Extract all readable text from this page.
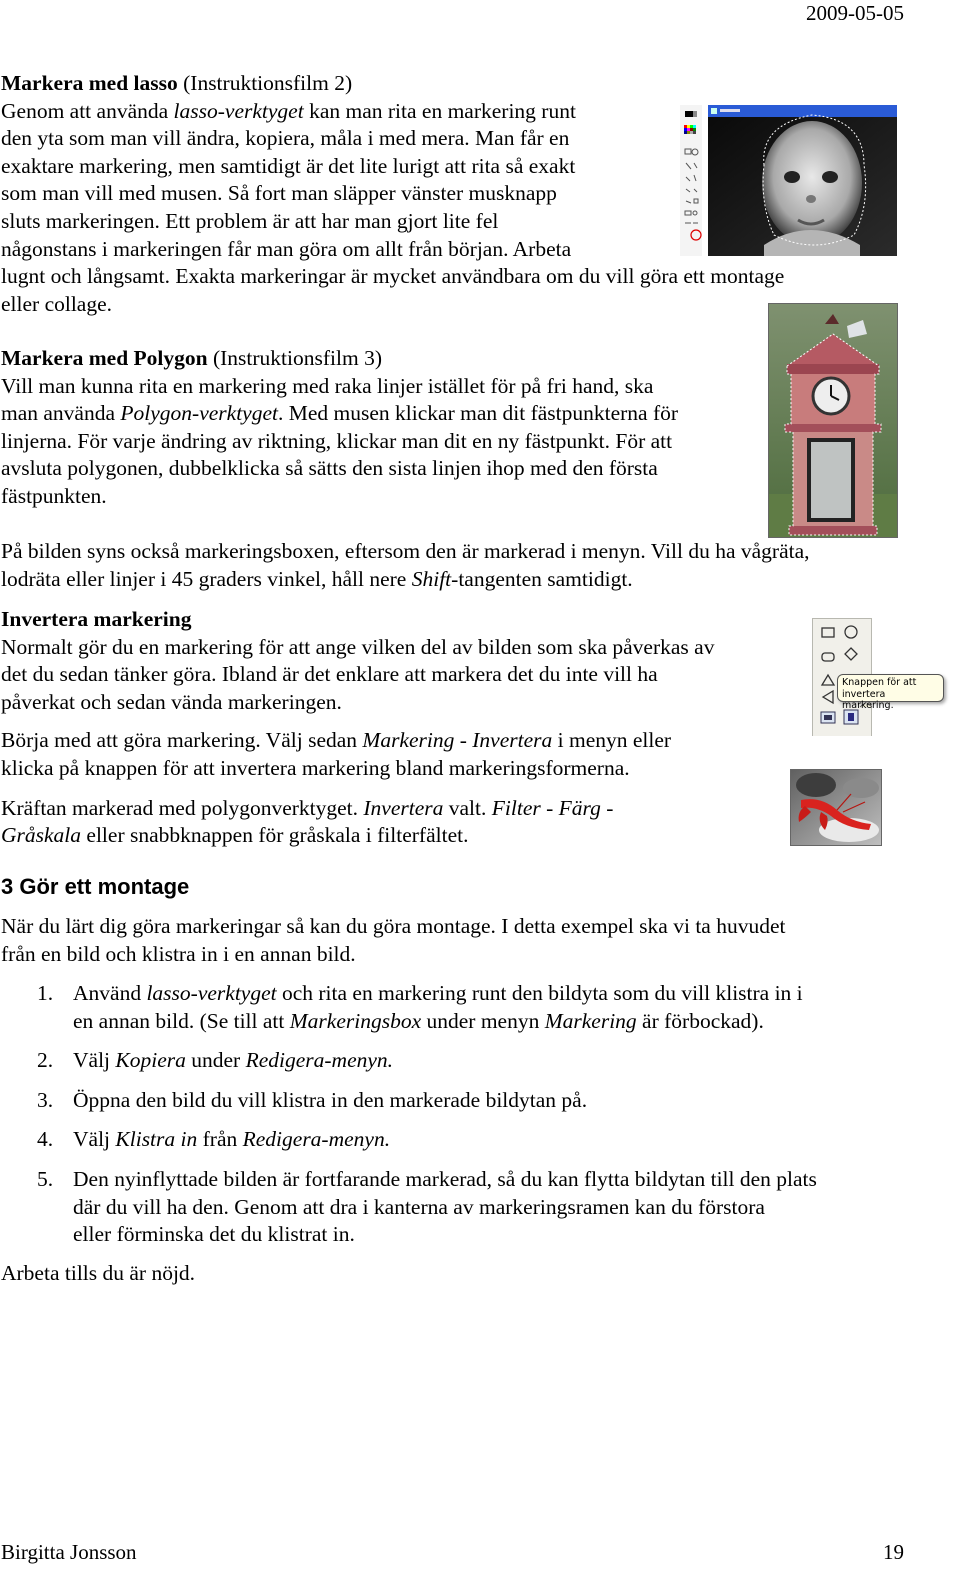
2009-05-05
Markera med lasso (Instruktionsfilm 2)
Genom att använda lasso-verktyget kan man rita en markering runt
den yta som man vill ändra, kopiera, måla i med mera. Man får en
exaktare markering, men samtidigt är det lite lurigt att rita så exakt
som man vill med musen. Så fort man släpper vänster musknapp
sluts markeringen. Ett problem är att har man gjort lite fel
någonstans i markeringen får man göra om allt från början. Arbeta
lugnt och långsamt. Exakta markeringar är mycket användbara om du vill göra ett montage
eller collage.
Markera med Polygon (Instruktionsfilm 3)
Vill man kunna rita en markering med raka linjer istället för på fri hand, ska
man använda Polygon-verktyget. Med musen klickar man dit fästpunkterna för
linjerna. För varje ändring av riktning, klickar man dit en ny fästpunkt. För att
avsluta polygonen, dubbelklicka så sätts den sista linjen ihop med den första
fästpunkten.
På bilden syns också markeringsboxen, eftersom den är markerad i menyn. Vill du ha vågräta,
lodräta eller linjer i 45 graders vinkel, håll nere Shift-tangenten samtidigt.
Invertera markering
Normalt gör du en markering för att ange vilken del av bilden som ska påverkas av
det du sedan tänker göra. Ibland är det enklare att markera det du inte vill ha
påverkat och sedan vända markeringen.
Knappen för att
invertera markering.
Börja med att göra markering. Välj sedan Markering - Invertera i menyn eller
klicka på knappen för att invertera markering bland markeringsformerna.
Kräftan markerad med polygonverktyget. Invertera valt. Filter - Färg -
Gråskala eller snabbknappen för gråskala i filterfältet.
3 Gör ett montage
När du lärt dig göra markeringar så kan du göra montage. I detta exempel ska vi ta huvudet
från en bild och klistra in i en annan bild.
1. Använd lasso-verktyget och rita en markering runt den bildyta som du vill klistra in i
en annan bild. (Se till att Markeringsbox under menyn Markering är förbockad).
2. Välj Kopiera under Redigera-menyn.
3. Öppna den bild du vill klistra in den markerade bildytan på.
4. Välj Klistra in från Redigera-menyn.
5. Den nyinflyttade bilden är fortfarande markerad, så du kan flytta bildytan till den plats
där du vill ha den. Genom att dra i kanterna av markeringsramen kan du förstora
eller förminska det du klistrat in.
Arbeta tills du är nöjd.
Birgitta Jonsson	19
